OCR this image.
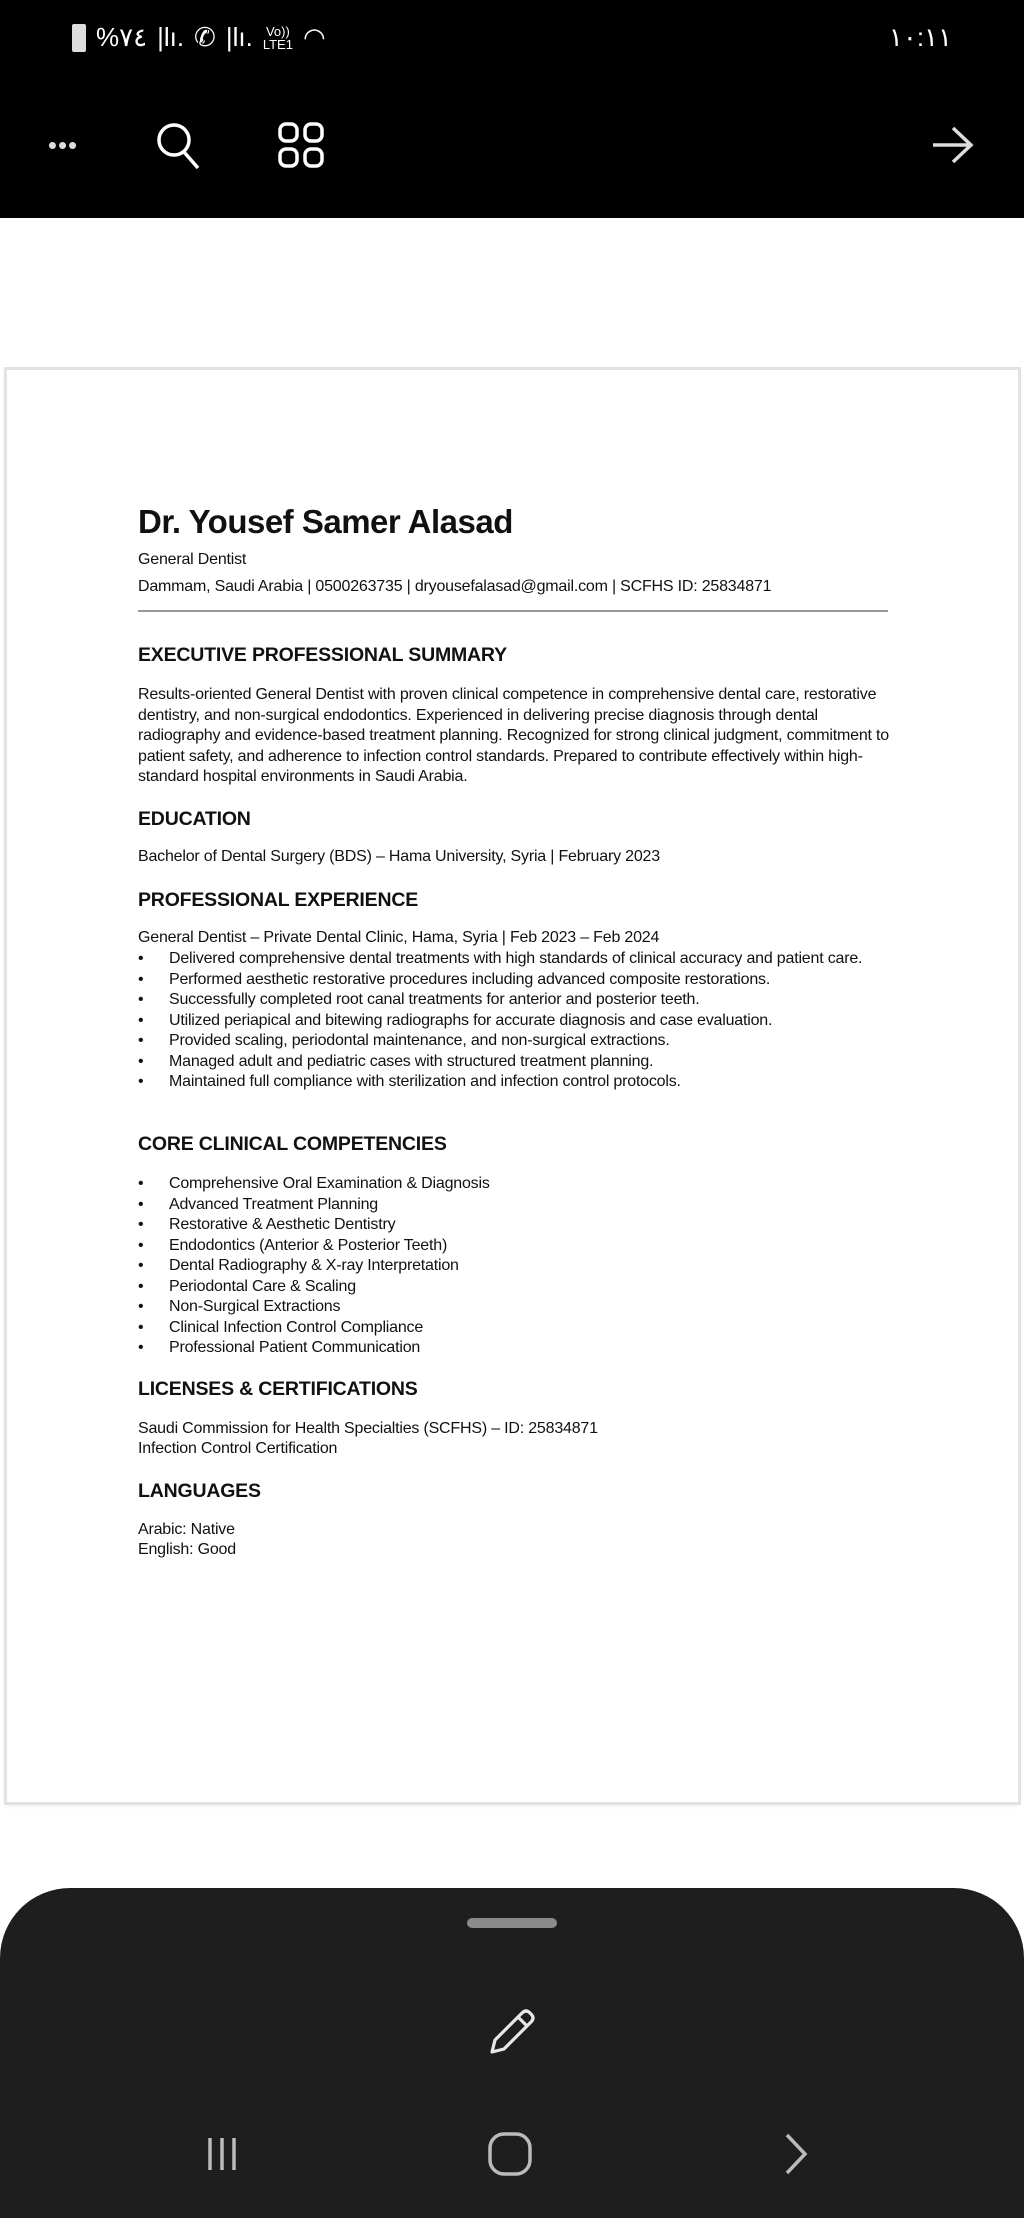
%٧٤ |lı. ✆ |lı. Vo))
LTE1 ◠	١٠:١١
•••
Dr. Yousef Samer Alasad
General Dentist
Dammam, Saudi Arabia | 0500263735 | dryousefalasad@gmail.com | SCFHS ID: 25834871
EXECUTIVE PROFESSIONAL SUMMARY
Results-oriented General Dentist with proven clinical competence in comprehensive dental care, restorative dentistry, and non-surgical endodontics. Experienced in delivering precise diagnosis through dental radiography and evidence-based treatment planning. Recognized for strong clinical judgment, commitment to patient safety, and adherence to infection control standards. Prepared to contribute effectively within high-standard hospital environments in Saudi Arabia.
EDUCATION
Bachelor of Dental Surgery (BDS) – Hama University, Syria | February 2023
PROFESSIONAL EXPERIENCE
General Dentist – Private Dental Clinic, Hama, Syria | Feb 2023 – Feb 2024
• Delivered comprehensive dental treatments with high standards of clinical accuracy and patient care.
• Performed aesthetic restorative procedures including advanced composite restorations.
• Successfully completed root canal treatments for anterior and posterior teeth.
• Utilized periapical and bitewing radiographs for accurate diagnosis and case evaluation.
• Provided scaling, periodontal maintenance, and non-surgical extractions.
• Managed adult and pediatric cases with structured treatment planning.
• Maintained full compliance with sterilization and infection control protocols.
CORE CLINICAL COMPETENCIES
• Comprehensive Oral Examination & Diagnosis
• Advanced Treatment Planning
• Restorative & Aesthetic Dentistry
• Endodontics (Anterior & Posterior Teeth)
• Dental Radiography & X-ray Interpretation
• Periodontal Care & Scaling
• Non-Surgical Extractions
• Clinical Infection Control Compliance
• Professional Patient Communication
LICENSES & CERTIFICATIONS
Saudi Commission for Health Specialties (SCFHS) – ID: 25834871
Infection Control Certification
LANGUAGES
Arabic: Native
English: Good
